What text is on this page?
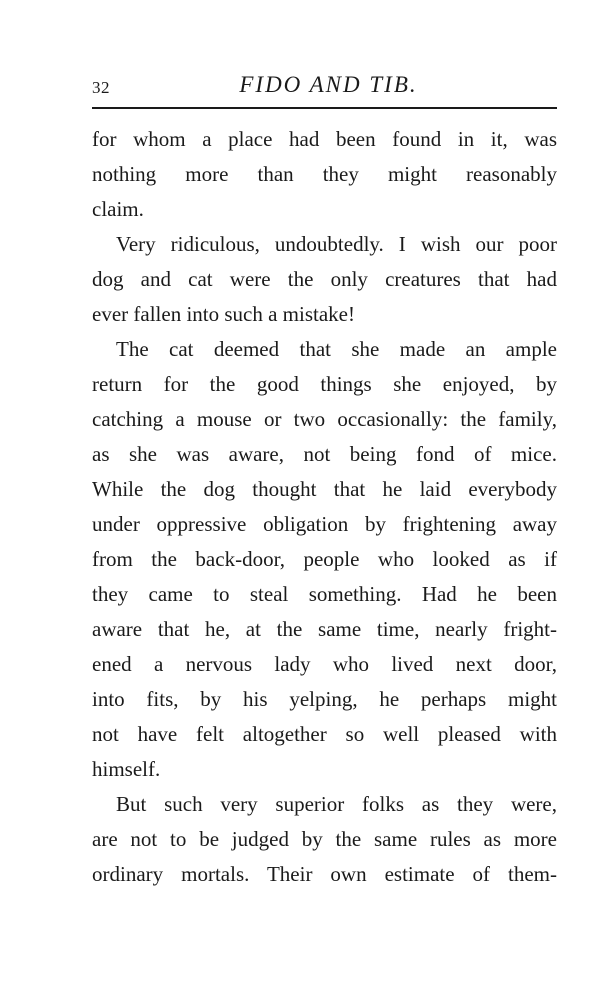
32	FIDO AND TIB.
for whom a place had been found in it, was
nothing more than they might reasonably
claim.
Very ridiculous, undoubtedly. I wish our poor
dog and cat were the only creatures that had
ever fallen into such a mistake!
The cat deemed that she made an ample
return for the good things she enjoyed, by
catching a mouse or two occasionally: the family,
as she was aware, not being fond of mice.
While the dog thought that he laid everybody
under oppressive obligation by frightening away
from the back-door, people who looked as if
they came to steal something. Had he been
aware that he, at the same time, nearly fright-
ened a nervous lady who lived next door,
into fits, by his yelping, he perhaps might
not have felt altogether so well pleased with
himself.
But such very superior folks as they were,
are not to be judged by the same rules as more
ordinary mortals. Their own estimate of them-
